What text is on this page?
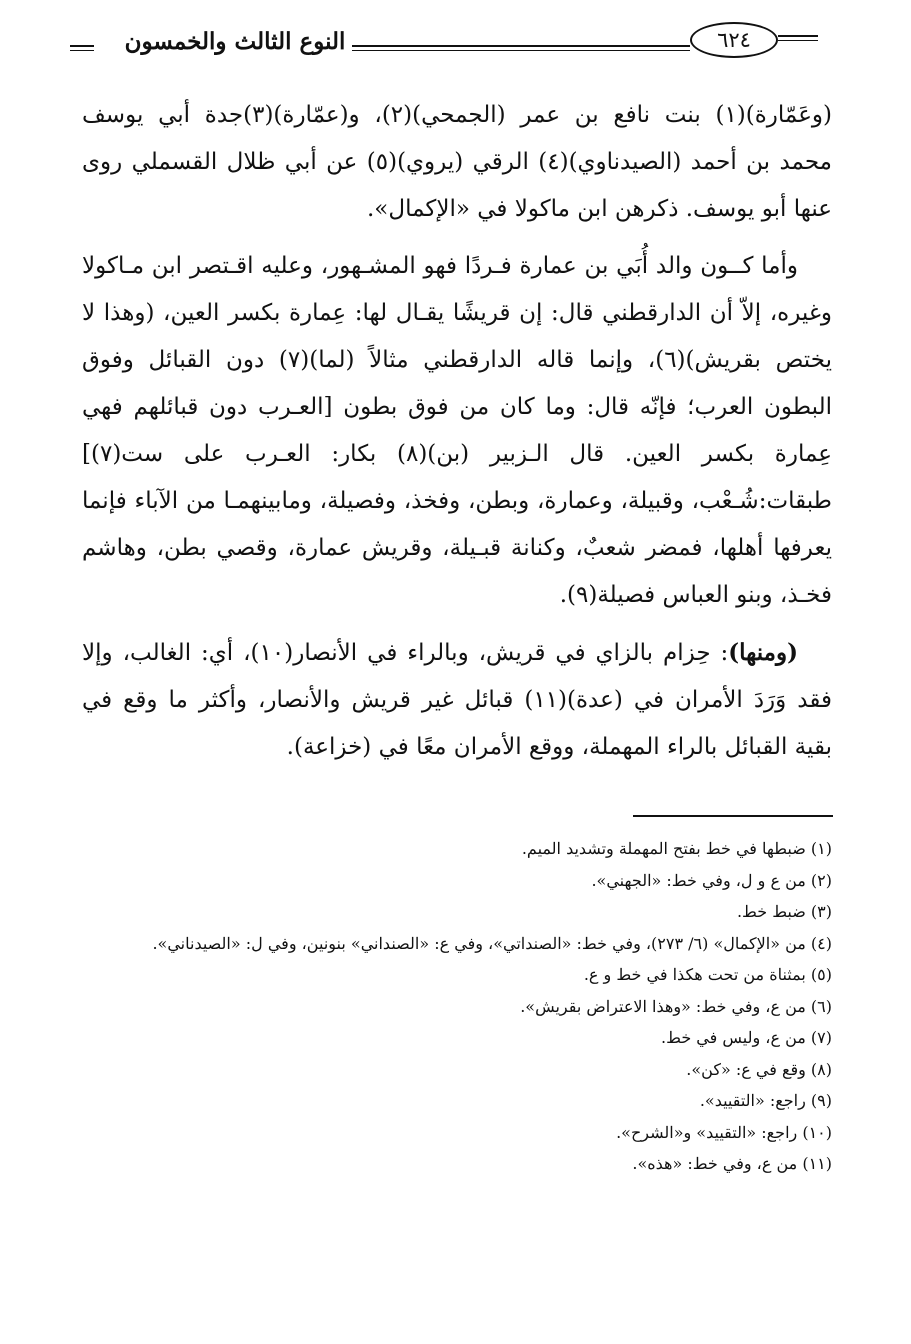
النوع الثالث والخمسون	٦٢٤

(وعَمّارة)(١) بنت نافع بن عمر (الجمحي)(٢)، و(عمّارة)(٣)جدة أبي يوسف محمد بن أحمد (الصيدناوي)(٤) الرقي (يروي)(٥) عن أبي ظلال القسملي روى عنها أبو يوسف. ذكرهن ابن ماكولا في «الإكمال».

وأما كــون والد أُبَي بن عمارة فـردًا فهو المشـهور، وعليه اقـتصر ابن مـاكولا وغيره، إلاّ أن الدارقطني قال: إن قريشًا يقـال لها: عِمارة بكسر العين، (وهذا لا يختص بقريش)(٦)، وإنما قاله الدارقطني مثالاً (لما)(٧) دون القبائل وفوق البطون العرب؛ فإنّه قال: وما كان من فوق بطون [العـرب دون قبائلهم فهي عِمارة بكسر العين. قال الـزبير (بن)(٨) بكار: العـرب على ست(٧)] طبقات:شُـعْب، وقبيلة، وعمارة، وبطن، وفخذ، وفصيلة، ومابينهمـا من الآباء فإنما يعرفها أهلها، فمضر شعبٌ، وكنانة قبـيلة، وقريش عمارة، وقصي بطن، وهاشم فخـذ، وبنو العباس فصيلة(٩).

(ومنها): حِزام بالزاي في قريش، وبالراء في الأنصار(١٠)، أي: الغالب، وإلا فقد وَرَدَ الأمران في (عدة)(١١) قبائل غير قريش والأنصار، وأكثر ما وقع في بقية القبائل بالراء المهملة، ووقع الأمران معًا في (خزاعة).

(١) ضبطها في خط بفتح المهملة وتشديد الميم.

(٢) من ع و ل، وفي خط: «الجهني».

(٣) ضبط خط.

(٤) من «الإكمال» (٦/ ٢٧٣)، وفي خط: «الصنداتي»، وفي ع: «الصنداني» بنونين، وفي ل: «الصيدناني».

(٥) بمثناة من تحت هكذا في خط و ع.

(٦) من ع، وفي خط: «وهذا الاعتراض بقريش».

(٧) من ع، وليس في خط.

(٨) وقع في ع: «كن».

(٩) راجع: «التقييد».

(١٠) راجع: «التقييد» و«الشرح».

(١١) من ع، وفي خط: «هذه».
